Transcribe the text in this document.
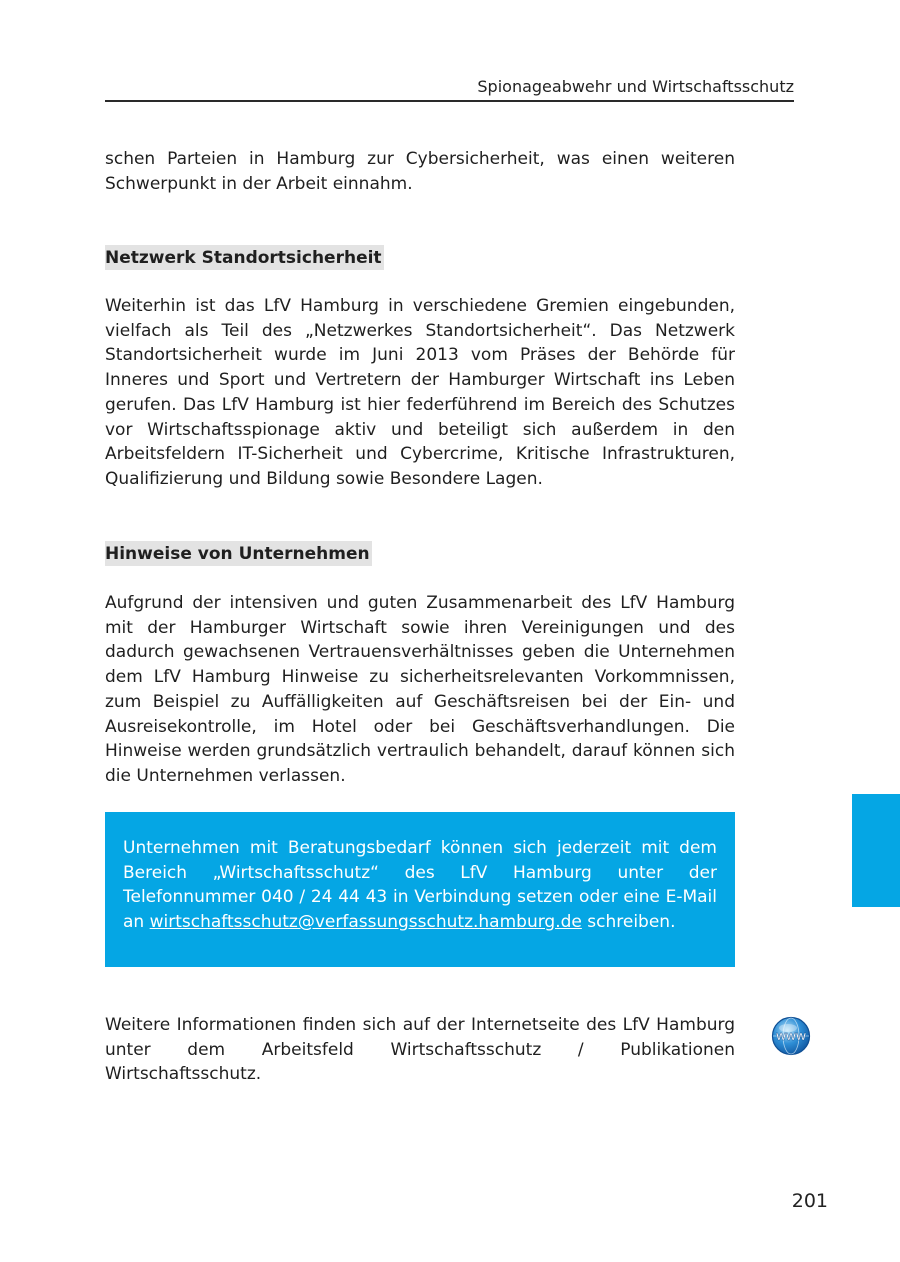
Spionageabwehr und Wirtschaftsschutz

schen Parteien in Hamburg zur Cybersicherheit, was einen weiteren Schwerpunkt in der Arbeit einnahm.

Netzwerk Standortsicherheit

Weiterhin ist das LfV Hamburg in verschiedene Gremien eingebunden, vielfach als Teil des „Netzwerkes Standortsicherheit“. Das Netzwerk Standortsicherheit wurde im Juni 2013 vom Präses der Behörde für Inneres und Sport und Vertretern der Hamburger Wirtschaft ins Leben gerufen. Das LfV Hamburg ist hier federführend im Bereich des Schutzes vor Wirtschaftsspionage aktiv und beteiligt sich außerdem in den Arbeitsfeldern IT-Sicherheit und Cybercrime, Kritische Infrastrukturen, Qualifizierung und Bildung sowie Besondere Lagen.

Hinweise von Unternehmen

Aufgrund der intensiven und guten Zusammenarbeit des LfV Hamburg mit der Hamburger Wirtschaft sowie ihren Vereinigungen und des dadurch gewachsenen Vertrauensverhältnisses geben die Unternehmen dem LfV Hamburg Hinweise zu sicherheitsrelevanten Vorkommnissen, zum Beispiel zu Auffälligkeiten auf Geschäftsreisen bei der Ein- und Ausreisekontrolle, im Hotel oder bei Geschäftsverhandlungen. Die Hinweise werden grundsätzlich vertraulich behandelt, darauf können sich die Unternehmen verlassen.

Unternehmen mit Beratungsbedarf können sich jederzeit mit dem Bereich „Wirtschaftsschutz“ des LfV Hamburg unter der Telefonnummer 040 / 24 44 43 in Verbindung setzen oder eine E-Mail an wirtschaftsschutz@verfassungsschutz.hamburg.de schreiben.

Weitere Informationen finden sich auf der Internetseite des LfV Hamburg unter dem Arbeitsfeld Wirtschaftsschutz / Publikationen Wirtschaftsschutz.

WWW
201
